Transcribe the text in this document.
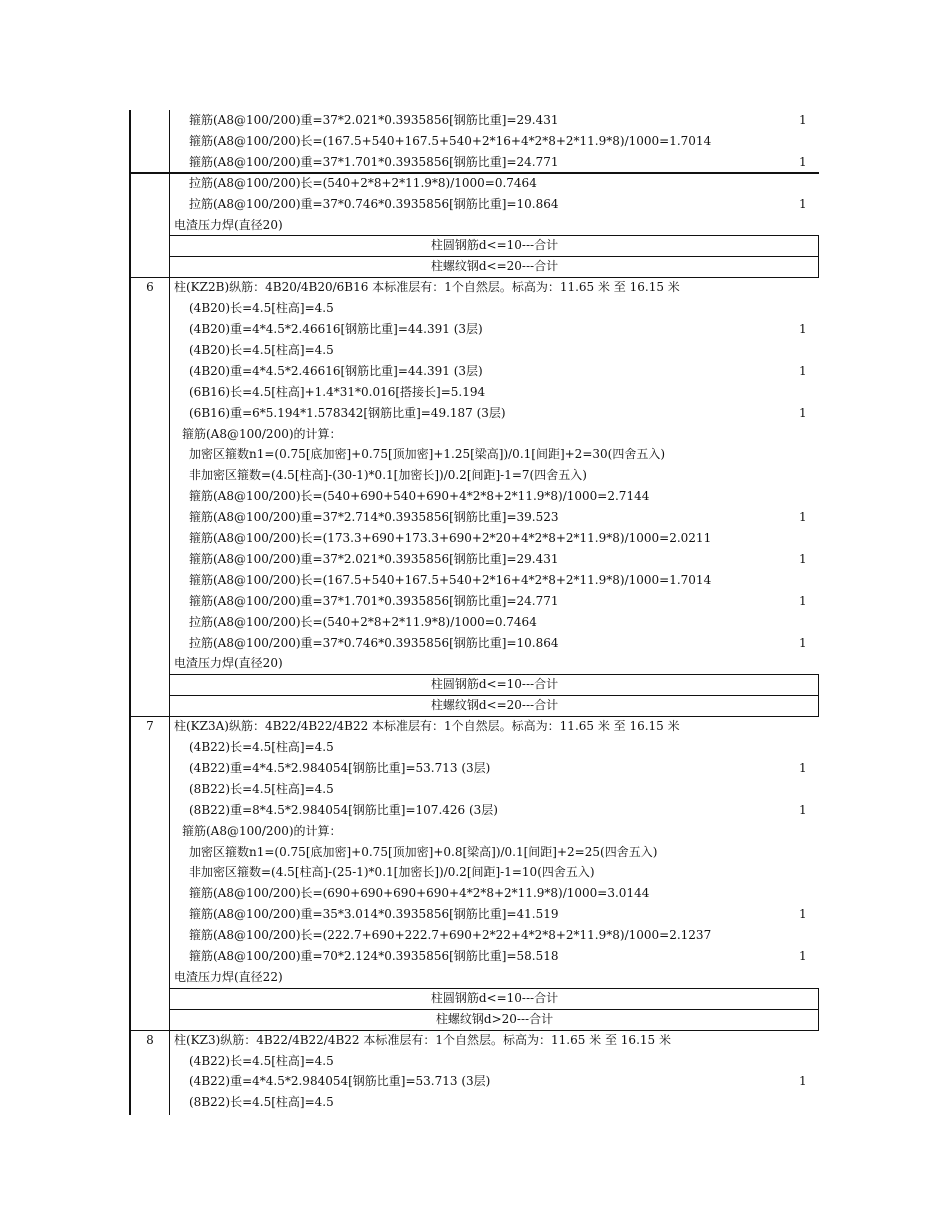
箍筋(A8@100/200)重=37*2.021*0.3935856[钢筋比重]=29.431	1
箍筋(A8@100/200)长=(167.5+540+167.5+540+2*16+4*2*8+2*11.9*8)/1000=1.7014
箍筋(A8@100/200)重=37*1.701*0.3935856[钢筋比重]=24.771	1
拉筋(A8@100/200)长=(540+2*8+2*11.9*8)/1000=0.7464
拉筋(A8@100/200)重=37*0.746*0.3935856[钢筋比重]=10.864	1
电渣压力焊(直径20)
柱圆钢筋d<=10---合计
柱螺纹钢d<=20---合计
6	柱(KZ2B)纵筋：4B20/4B20/6B16 本标准层有：1个自然层。标高为：11.65 米 至 16.15 米
(4B20)长=4.5[柱高]=4.5
(4B20)重=4*4.5*2.46616[钢筋比重]=44.391 (3层)	1
(4B20)长=4.5[柱高]=4.5
(4B20)重=4*4.5*2.46616[钢筋比重]=44.391 (3层)	1
(6B16)长=4.5[柱高]+1.4*31*0.016[搭接长]=5.194
(6B16)重=6*5.194*1.578342[钢筋比重]=49.187 (3层)	1
箍筋(A8@100/200)的计算：
加密区箍数n1=(0.75[底加密]+0.75[顶加密]+1.25[梁高])/0.1[间距]+2=30(四舍五入)
非加密区箍数=(4.5[柱高]-(30-1)*0.1[加密长])/0.2[间距]-1=7(四舍五入)
箍筋(A8@100/200)长=(540+690+540+690+4*2*8+2*11.9*8)/1000=2.7144
箍筋(A8@100/200)重=37*2.714*0.3935856[钢筋比重]=39.523	1
箍筋(A8@100/200)长=(173.3+690+173.3+690+2*20+4*2*8+2*11.9*8)/1000=2.0211
箍筋(A8@100/200)重=37*2.021*0.3935856[钢筋比重]=29.431	1
箍筋(A8@100/200)长=(167.5+540+167.5+540+2*16+4*2*8+2*11.9*8)/1000=1.7014
箍筋(A8@100/200)重=37*1.701*0.3935856[钢筋比重]=24.771	1
拉筋(A8@100/200)长=(540+2*8+2*11.9*8)/1000=0.7464
拉筋(A8@100/200)重=37*0.746*0.3935856[钢筋比重]=10.864	1
电渣压力焊(直径20)
柱圆钢筋d<=10---合计
柱螺纹钢d<=20---合计
7	柱(KZ3A)纵筋：4B22/4B22/4B22 本标准层有：1个自然层。标高为：11.65 米 至 16.15 米
(4B22)长=4.5[柱高]=4.5
(4B22)重=4*4.5*2.984054[钢筋比重]=53.713 (3层)	1
(8B22)长=4.5[柱高]=4.5
(8B22)重=8*4.5*2.984054[钢筋比重]=107.426 (3层)	1
箍筋(A8@100/200)的计算：
加密区箍数n1=(0.75[底加密]+0.75[顶加密]+0.8[梁高])/0.1[间距]+2=25(四舍五入)
非加密区箍数=(4.5[柱高]-(25-1)*0.1[加密长])/0.2[间距]-1=10(四舍五入)
箍筋(A8@100/200)长=(690+690+690+690+4*2*8+2*11.9*8)/1000=3.0144
箍筋(A8@100/200)重=35*3.014*0.3935856[钢筋比重]=41.519	1
箍筋(A8@100/200)长=(222.7+690+222.7+690+2*22+4*2*8+2*11.9*8)/1000=2.1237
箍筋(A8@100/200)重=70*2.124*0.3935856[钢筋比重]=58.518	1
电渣压力焊(直径22)
柱圆钢筋d<=10---合计
柱螺纹钢d>20---合计
8	柱(KZ3)纵筋：4B22/4B22/4B22 本标准层有：1个自然层。标高为：11.65 米 至 16.15 米
(4B22)长=4.5[柱高]=4.5
(4B22)重=4*4.5*2.984054[钢筋比重]=53.713 (3层)	1
(8B22)长=4.5[柱高]=4.5
